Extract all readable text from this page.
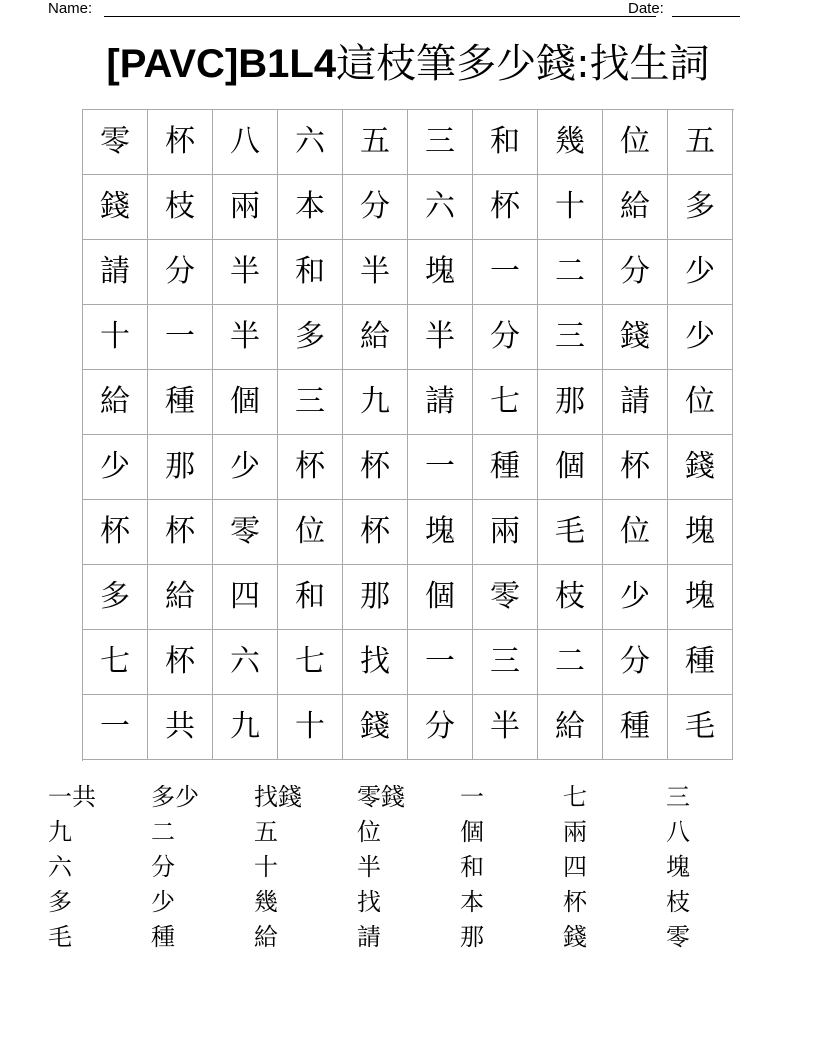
Name:	Date:
[PAVC]B1L4這枝筆多少錢:找生詞
零	杯	八	六	五	三	和	幾	位	五
錢	枝	兩	本	分	六	杯	十	給	多
請	分	半	和	半	塊	一	二	分	少
十	一	半	多	給	半	分	三	錢	少
給	種	個	三	九	請	七	那	請	位
少	那	少	杯	杯	一	種	個	杯	錢
杯	杯	零	位	杯	塊	兩	毛	位	塊
多	給	四	和	那	個	零	枝	少	塊
七	杯	六	七	找	一	三	二	分	種
一	共	九	十	錢	分	半	給	種	毛
一共	多少	找錢	零錢	一	七	三
九	二	五	位	個	兩	八
六	分	十	半	和	四	塊
多	少	幾	找	本	杯	枝
毛	種	給	請	那	錢	零
